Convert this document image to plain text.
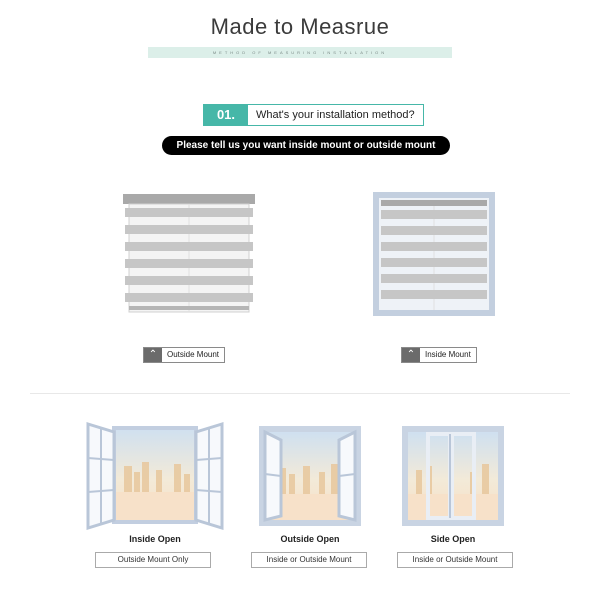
Made to Measrue
METHOD OF MEASURING INSTALLATION
01.	What's your installation method?
Please tell us you want inside mount or outside mount
⌃	Outside Mount	⌃	Inside Mount
Inside Open	Outside Open	Side Open
Outside Mount Only	Inside or Outside Mount	Inside or Outside Mount
